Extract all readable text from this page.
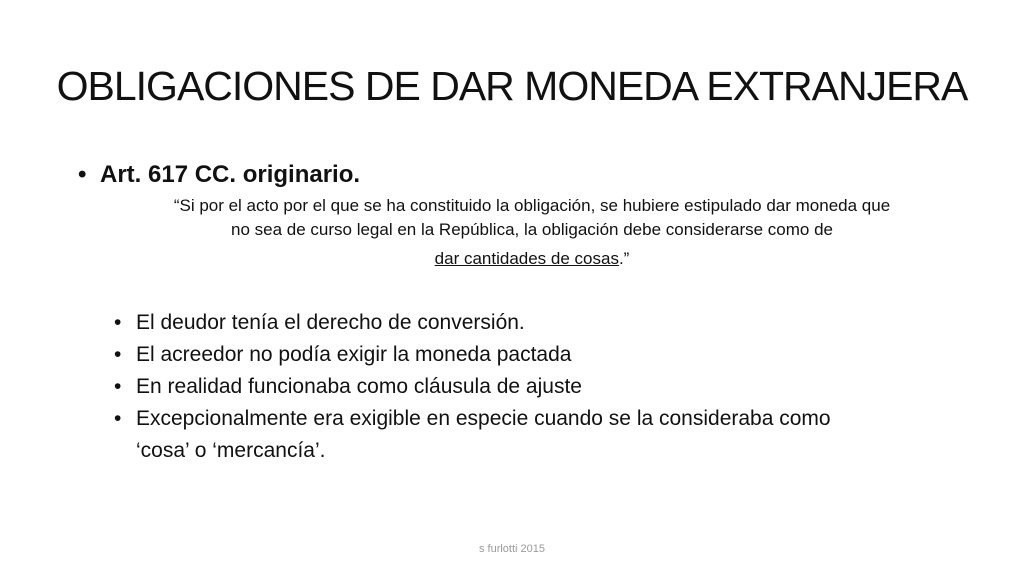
OBLIGACIONES DE DAR MONEDA EXTRANJERA
• Art. 617 CC. originario.
“Si por el acto por el que se ha constituido la obligación, se hubiere estipulado dar moneda que
no sea de curso legal en la República, la obligación debe considerarse como de
dar cantidades de cosas.”
• El deudor tenía el derecho de conversión.
• El acreedor no podía exigir la moneda pactada
• En realidad funcionaba como cláusula de ajuste
• Excepcionalmente era exigible en especie cuando se la consideraba como
‘cosa’ o ‘mercancía’.
s furlotti 2015
